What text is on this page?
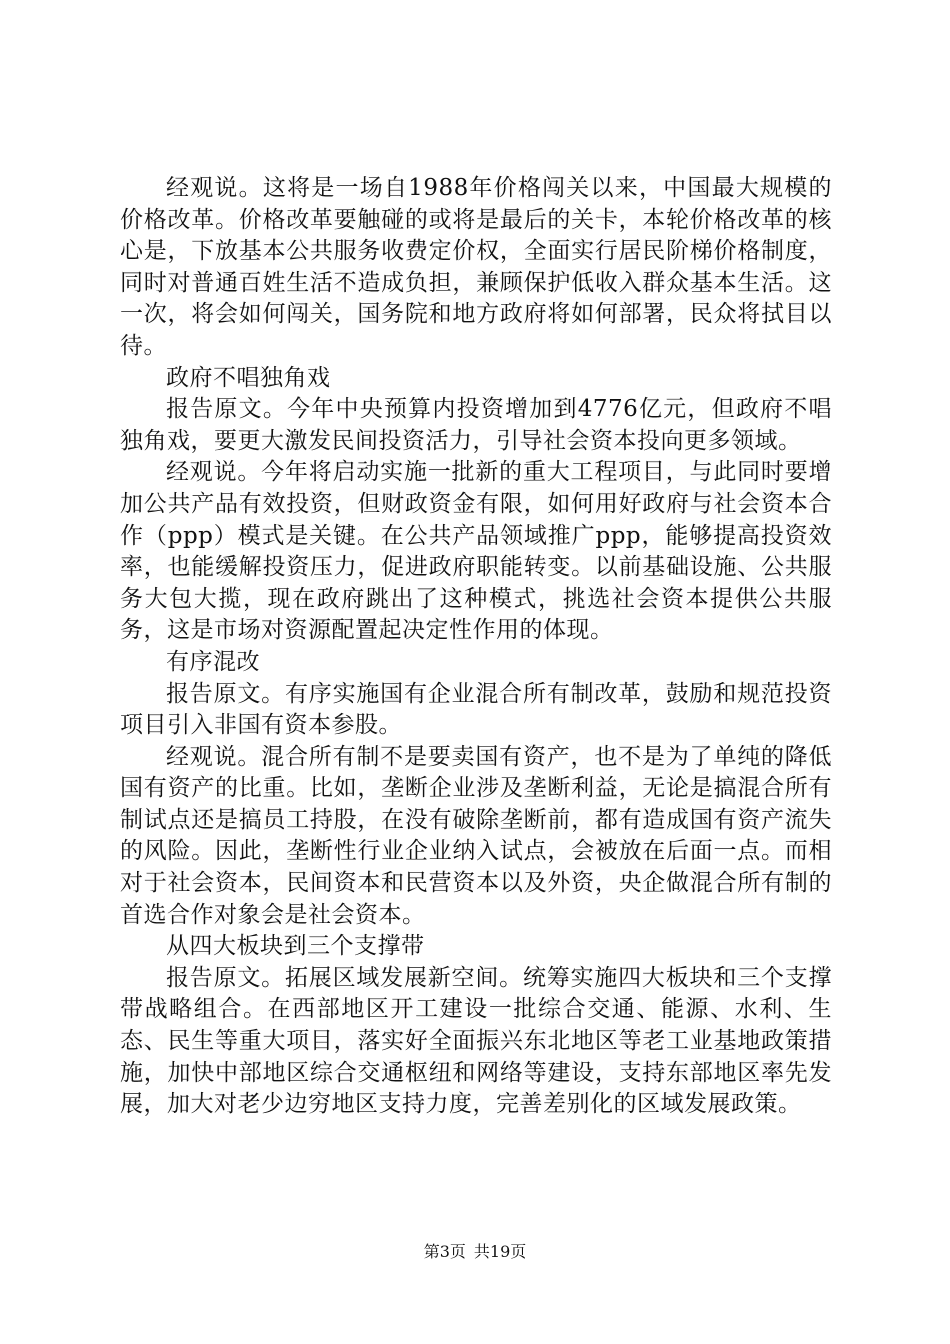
经观说。这将是一场自1988年价格闯关以来，中国最大规模的价格改革。价格改革要触碰的或将是最后的关卡，本轮价格改革的核心是，下放基本公共服务收费定价权，全面实行居民阶梯价格制度，同时对普通百姓生活不造成负担，兼顾保护低收入群众基本生活。这一次，将会如何闯关，国务院和地方政府将如何部署，民众将拭目以待。

政府不唱独角戏

报告原文。今年中央预算内投资增加到4776亿元，但政府不唱独角戏，要更大激发民间投资活力，引导社会资本投向更多领域。

经观说。今年将启动实施一批新的重大工程项目，与此同时要增加公共产品有效投资，但财政资金有限，如何用好政府与社会资本合作（ppp）模式是关键。在公共产品领域推广ppp，能够提高投资效率，也能缓解投资压力，促进政府职能转变。以前基础设施、公共服务大包大揽，现在政府跳出了这种模式，挑选社会资本提供公共服务，这是市场对资源配置起决定性作用的体现。

有序混改

报告原文。有序实施国有企业混合所有制改革，鼓励和规范投资项目引入非国有资本参股。

经观说。混合所有制不是要卖国有资产，也不是为了单纯的降低国有资产的比重。比如，垄断企业涉及垄断利益，无论是搞混合所有制试点还是搞员工持股，在没有破除垄断前，都有造成国有资产流失的风险。因此，垄断性行业企业纳入试点，会被放在后面一点。而相对于社会资本，民间资本和民营资本以及外资，央企做混合所有制的首选合作对象会是社会资本。

从四大板块到三个支撑带

报告原文。拓展区域发展新空间。统筹实施四大板块和三个支撑带战略组合。在西部地区开工建设一批综合交通、能源、水利、生态、民生等重大项目，落实好全面振兴东北地区等老工业基地政策措施，加快中部地区综合交通枢纽和网络等建设，支持东部地区率先发展，加大对老少边穷地区支持力度，完善差别化的区域发展政策。

第3页 共19页
